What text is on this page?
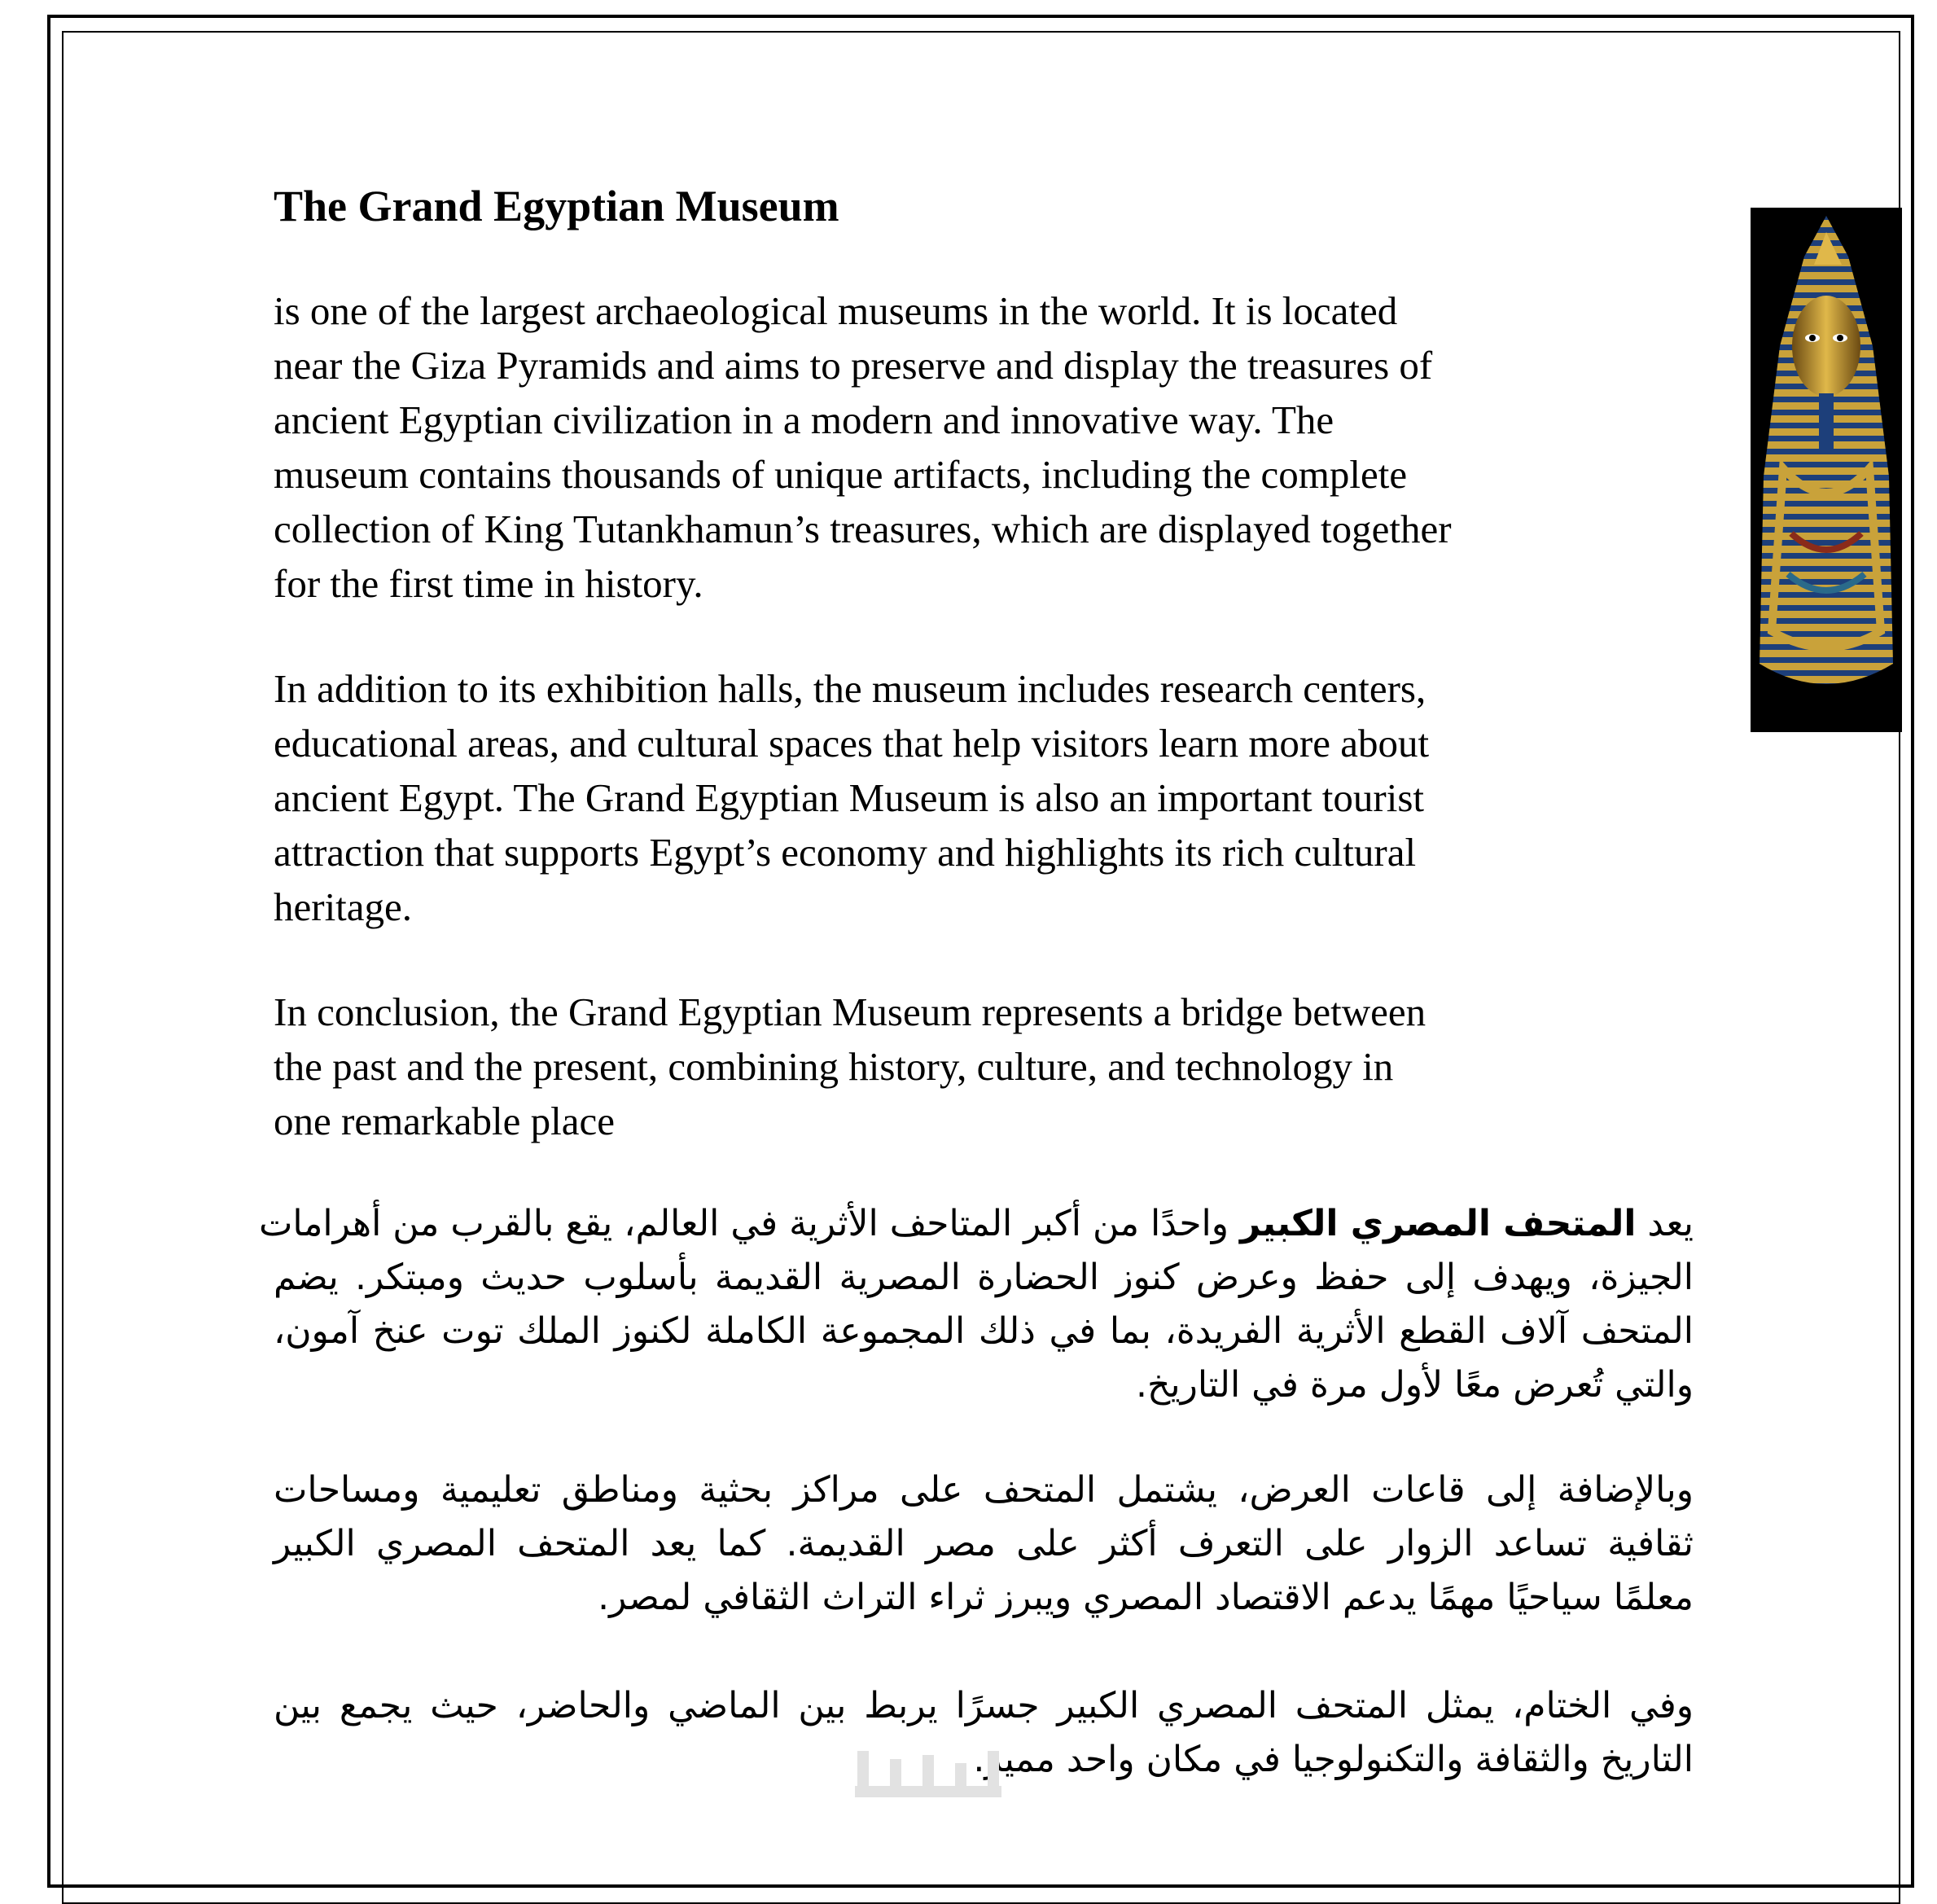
The Grand Egyptian Museum
is one of the largest archaeological museums in the world. It is located
near the Giza Pyramids and aims to preserve and display the treasures of
ancient Egyptian civilization in a modern and innovative way. The
museum contains thousands of unique artifacts, including the complete
collection of King Tutankhamun’s treasures, which are displayed together
for the first time in history.
In addition to its exhibition halls, the museum includes research centers,
educational areas, and cultural spaces that help visitors learn more about
ancient Egypt. The Grand Egyptian Museum is also an important tourist
attraction that supports Egypt’s economy and highlights its rich cultural
heritage.
In conclusion, the Grand Egyptian Museum represents a bridge between
the past and the present, combining history, culture, and technology in
one remarkable place
يعد المتحف المصري الكبير واحدًا من أكبر المتاحف الأثرية في العالم، يقع بالقرب من أهرامات
الجيزة، ويهدف إلى حفظ وعرض كنوز الحضارة المصرية القديمة بأسلوب حديث ومبتكر. يضم
المتحف آلاف القطع الأثرية الفريدة، بما في ذلك المجموعة الكاملة لكنوز الملك توت عنخ آمون،
والتي تُعرض معًا لأول مرة في التاريخ.
وبالإضافة إلى قاعات العرض، يشتمل المتحف على مراكز بحثية ومناطق تعليمية ومساحات
ثقافية تساعد الزوار على التعرف أكثر على مصر القديمة. كما يعد المتحف المصري الكبير
معلمًا سياحيًا مهمًا يدعم الاقتصاد المصري ويبرز ثراء التراث الثقافي لمصر.
وفي الختام، يمثل المتحف المصري الكبير جسرًا يربط بين الماضي والحاضر، حيث يجمع بين
التاريخ والثقافة والتكنولوجيا في مكان واحد مميز.
